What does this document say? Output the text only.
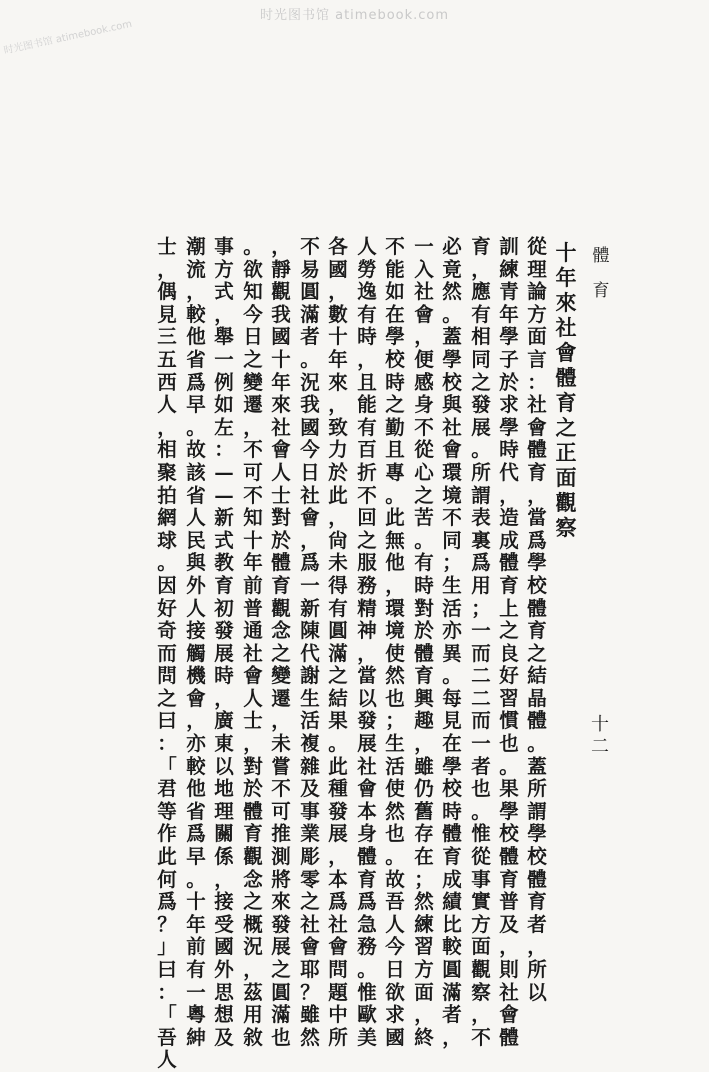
时光图书馆 atimebook.com
时光图书馆 atimebook.com
體
育
十二
十年來社會體育之正面觀察
從理論方面言：社會體育，當爲學校體育之結晶體。蓋所謂學校體育者，所以
訓練青年學子於求學時代，造成體育上之良好習慣也。果學校體育普及，則社會體
育，應有相同之發展。所謂表裏爲用；一而二二而一者也。惟從事實方面觀察，不
必竟然。蓋學校與社會環境不同；生活亦異。每見在學校時體育成績比較圓滿者，
一入社會，便感身不從心之苦。有時對於體育興趣，雖仍舊存在；然練習方面，終
不能如在學校時之勤且專。此無他，環境使然也；生活使然也。故吾人今日欲求國
人勞逸有時，且能有百折不回之服務精神，當以發展社會本身體育爲急務。惟歐美
各國，數十年來，致力於此，尙未得有圓滿之結果。此種發展，本爲社會問題中所
不易圓滿者。況我國今日社會，爲一新陳代謝生活複雜及事業彫零之社會耶？雖然
，靜觀我國十年來社會人士對於體育觀念之變遷，未嘗不可推測將來發展之圓滿也
。欲知今日之變遷，不可不知十年前普通社會人士，對於體育觀念之概況，茲用敘
事方式，舉一例如左：——新式教育初發展時，廣東以地理關係，接受國外思想及
潮流，較他省爲早。故該省人民與外人接觸機會，亦較他省爲早。十年前有一粵紳
士，偶見三五西人，相聚拍網球。因好奇而問之曰：「君等作此何爲？」曰：「吾人
